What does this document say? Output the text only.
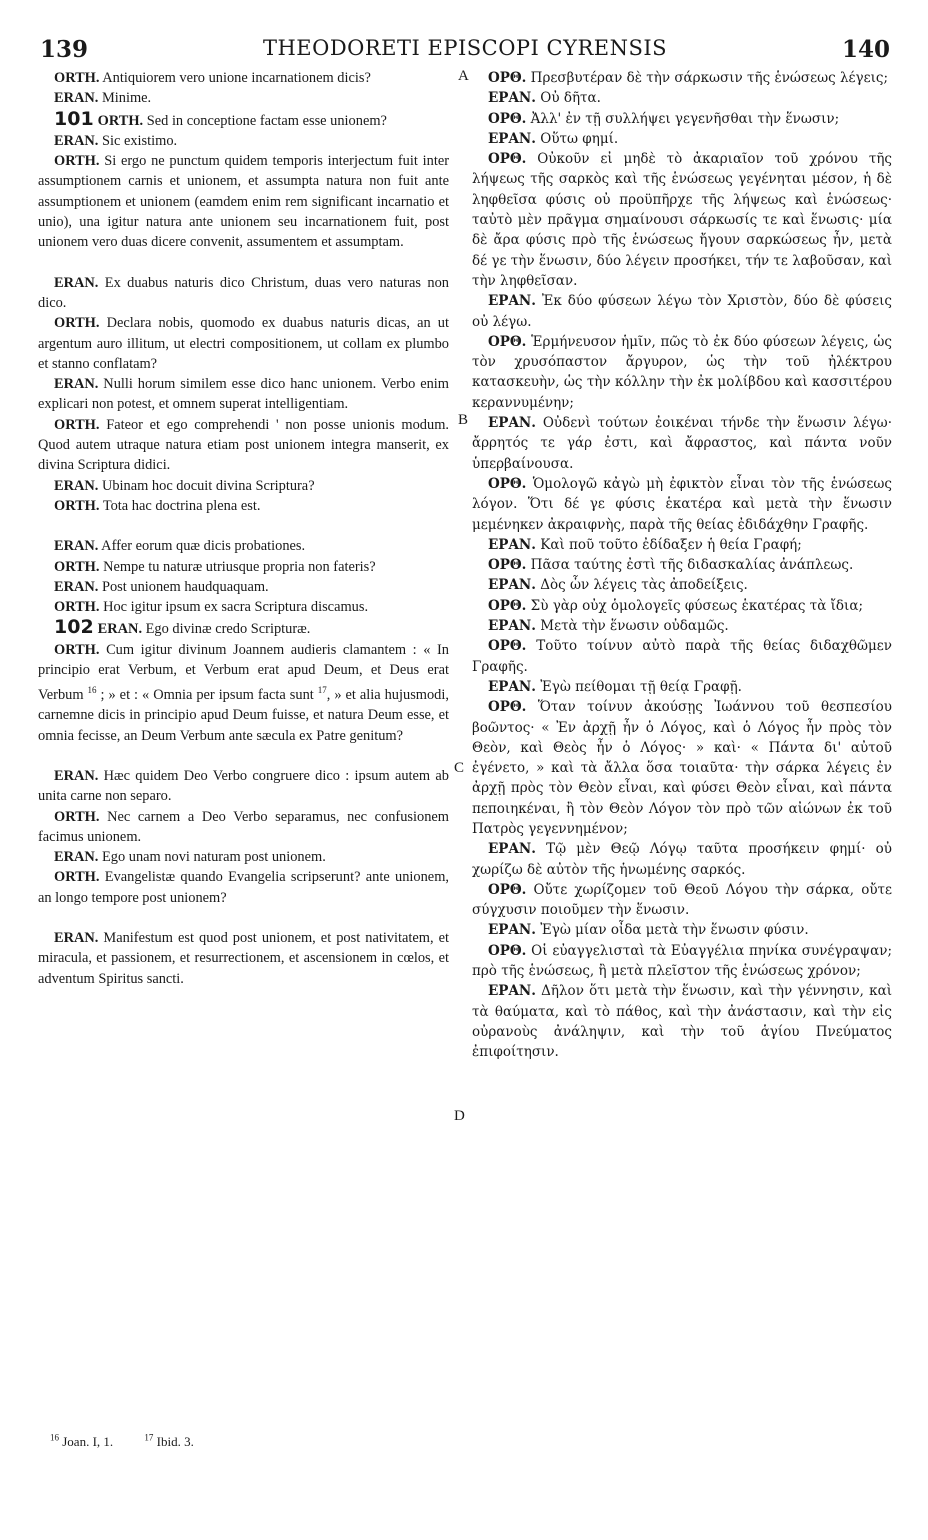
139	THEODORETI EPISCOPI CYRENSIS	140
A
B
C
D

ORTH. Antiquiorem vero unione incarnationem dicis?

ERAN. Minime.

101 ORTH. Sed in conceptione factam esse unionem?

ERAN. Sic existimo.

ORTH. Si ergo ne punctum quidem temporis interjectum fuit inter assumptionem carnis et unionem, et assumpta natura non fuit ante assumptionem et unionem (eamdem enim rem significant incarnatio et unio), una igitur natura ante unionem seu incarnationem fuit, post unionem vero duas dicere convenit, assumentem et assumptam.

ERAN. Ex duabus naturis dico Christum, duas vero naturas non dico.

ORTH. Declara nobis, quomodo ex duabus naturis dicas, an ut argentum auro illitum, ut electri compositionem, ut collam ex plumbo et stanno conflatam?

ERAN. Nulli horum similem esse dico hanc unionem. Verbo enim explicari non potest, et omnem superat intelligentiam.

ORTH. Fateor et ego comprehendi ' non posse unionis modum. Quod autem utraque natura etiam post unionem integra manserit, ex divina Scriptura didici.

ERAN. Ubinam hoc docuit divina Scriptura?

ORTH. Tota hac doctrina plena est.

ERAN. Affer eorum quæ dicis probationes.

ORTH. Nempe tu naturæ utriusque propria non fateris?

ERAN. Post unionem haudquaquam.

ORTH. Hoc igitur ipsum ex sacra Scriptura discamus.

102 ERAN. Ego divinæ credo Scripturæ.

ORTH. Cum igitur divinum Joannem audieris clamantem : « In principio erat Verbum, et Verbum erat apud Deum, et Deus erat Verbum $^{16}$ ; » et : « Omnia per ipsum facta sunt $^{17}$, » et alia hujusmodi, carnemne dicis in principio apud Deum fuisse, et natura Deum esse, et omnia fecisse, an Deum Verbum ante sæcula ex Patre genitum?

ERAN. Hæc quidem Deo Verbo congruere dico : ipsum autem ab unita carne non separo.

ORTH. Nec carnem a Deo Verbo separamus, nec confusionem facimus unionem.

ERAN. Ego unam novi naturam post unionem.

ORTH. Evangelistæ quando Evangelia scripserunt? ante unionem, an longo tempore post unionem?

ERAN. Manifestum est quod post unionem, et post nativitatem, et miracula, et passionem, et resurrectionem, et ascensionem in cœlos, et adventum Spiritus sancti.

ΟΡΘ. Πρεσβυτέραν δὲ τὴν σάρκωσιν τῆς ἑνώσεως λέγεις;

ΕΡΑΝ. Οὐ δῆτα.

ΟΡΘ. Ἀλλ' ἐν τῇ συλλήψει γεγενῆσθαι τὴν ἕνωσιν;

ΕΡΑΝ. Οὕτω φημί.

ΟΡΘ. Οὐκοῦν εἰ μηδὲ τὸ ἀκαριαῖον τοῦ χρόνου τῆς λήψεως τῆς σαρκὸς καὶ τῆς ἑνώσεως γεγένηται μέσον, ἡ δὲ ληφθεῖσα φύσις οὐ προϋπῆρχε τῆς λήψεως καὶ ἑνώσεως· ταὐτὸ μὲν πρᾶγμα σημαίνουσι σάρκωσίς τε καὶ ἕνωσις· μία δὲ ἄρα φύσις πρὸ τῆς ἑνώσεως ἤγουν σαρκώσεως ἦν, μετὰ δέ γε τὴν ἕνωσιν, δύο λέγειν προσήκει, τήν τε λαβοῦσαν, καὶ τὴν ληφθεῖσαν.

ΕΡΑΝ. Ἐκ δύο φύσεων λέγω τὸν Χριστὸν, δύο δὲ φύσεις οὐ λέγω.

ΟΡΘ. Ἑρμήνευσον ἡμῖν, πῶς τὸ ἐκ δύο φύσεων λέγεις, ὡς τὸν χρυσόπαστον ἄργυρον, ὡς τὴν τοῦ ἠλέκτρου κατασκευὴν, ὡς τὴν κόλλην τὴν ἐκ μολίβδου καὶ κασσιτέρου κεραννυμένην;

ΕΡΑΝ. Οὐδενὶ τούτων ἐοικέναι τήνδε τὴν ἕνωσιν λέγω· ἄρρητός τε γάρ ἐστι, καὶ ἄφραστος, καὶ πάντα νοῦν ὑπερβαίνουσα.

ΟΡΘ. Ὁμολογῶ κἀγὼ μὴ ἐφικτὸν εἶναι τὸν τῆς ἑνώσεως λόγον. Ὅτι δέ γε φύσις ἑκατέρα καὶ μετὰ τὴν ἕνωσιν μεμένηκεν ἀκραιφνὴς, παρὰ τῆς θείας ἐδιδάχθην Γραφῆς.

ΕΡΑΝ. Καὶ ποῦ τοῦτο ἐδίδαξεν ἡ θεία Γραφή;

ΟΡΘ. Πᾶσα ταύτης ἐστὶ τῆς διδασκαλίας ἀνάπλεως.

ΕΡΑΝ. Δὸς ὧν λέγεις τὰς ἀποδείξεις.

ΟΡΘ. Σὺ γὰρ οὐχ ὁμολογεῖς φύσεως ἑκατέρας τὰ ἴδια;

ΕΡΑΝ. Μετὰ τὴν ἕνωσιν οὐδαμῶς.

ΟΡΘ. Τοῦτο τοίνυν αὐτὸ παρὰ τῆς θείας διδαχθῶμεν Γραφῆς.

ΕΡΑΝ. Ἐγὼ πείθομαι τῇ θείᾳ Γραφῇ.

ΟΡΘ. Ὅταν τοίνυν ἀκούσῃς Ἰωάννου τοῦ θεσπεσίου βοῶντος· « Ἐν ἀρχῇ ἦν ὁ Λόγος, καὶ ὁ Λόγος ἦν πρὸς τὸν Θεὸν, καὶ Θεὸς ἦν ὁ Λόγος· » καὶ· « Πάντα δι' αὐτοῦ ἐγένετο, » καὶ τὰ ἄλλα ὅσα τοιαῦτα· τὴν σάρκα λέγεις ἐν ἀρχῇ πρὸς τὸν Θεὸν εἶναι, καὶ φύσει Θεὸν εἶναι, καὶ πάντα πεποιηκέναι, ἢ τὸν Θεὸν Λόγον τὸν πρὸ τῶν αἰώνων ἐκ τοῦ Πατρὸς γεγεννημένον;

ΕΡΑΝ. Τῷ μὲν Θεῷ Λόγῳ ταῦτα προσήκειν φημί· οὐ χωρίζω δὲ αὐτὸν τῆς ἡνωμένης σαρκός.

ΟΡΘ. Οὔτε χωρίζομεν τοῦ Θεοῦ Λόγου τὴν σάρκα, οὔτε σύγχυσιν ποιοῦμεν τὴν ἕνωσιν.

ΕΡΑΝ. Ἐγὼ μίαν οἶδα μετὰ τὴν ἕνωσιν φύσιν.

ΟΡΘ. Οἱ εὐαγγελισταὶ τὰ Εὐαγγέλια πηνίκα συνέγραψαν; πρὸ τῆς ἑνώσεως, ἢ μετὰ πλεῖστον τῆς ἑνώσεως χρόνον;

ΕΡΑΝ. Δῆλον ὅτι μετὰ τὴν ἕνωσιν, καὶ τὴν γέννησιν, καὶ τὰ θαύματα, καὶ τὸ πάθος, καὶ τὴν ἀνάστασιν, καὶ τὴν εἰς οὐρανοὺς ἀνάληψιν, καὶ τὴν τοῦ ἁγίου Πνεύματος ἐπιφοίτησιν.

$^{16}$ Joan. I, 1.	$^{17}$ Ibid. 3.
